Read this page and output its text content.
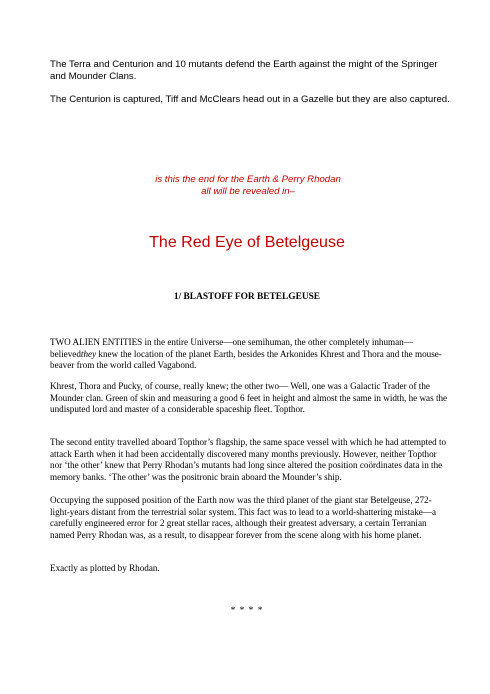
The Terra and Centurion and 10 mutants defend the Earth against the might of the Springer and Mounder Clans.

The Centurion is captured, Tiff and McClears head out in a Gazelle but they are also captured.

is this the end for the Earth & Perry Rhodan
all will be revealed in–

The Red Eye of Betelgeuse
1/ BLASTOFF FOR BETELGEUSE

TWO ALIEN ENTITIES in the entire Universe—one semihuman, the other completely inhuman—believedthey knew the location of the planet Earth, besides the Arkonides Khrest and Thora and the mouse-beaver from the world called Vagabond.

Khrest, Thora and Pucky, of course, really knew; the other two— Well, one was a Galactic Trader of the Mounder clan. Green of skin and measuring a good 6 feet in height and almost the same in width, he was the undisputed lord and master of a considerable spaceship fleet. Topthor.

The second entity travelled aboard Topthor’s flagship, the same space vessel with which he had attempted to attack Earth when it had been accidentally discovered many months previously. However, neither Topthor nor ‘the other’ knew that Perry Rhodan’s mutants had long since altered the position coördinates data in the memory banks. ‘The other’ was the positronic brain aboard the Mounder’s ship.

Occupying the supposed position of the Earth now was the third planet of the giant star Betelgeuse, 272-light-years distant from the terrestrial solar system. This fact was to lead to a world-shattering mistake—a carefully engineered error for 2 great stellar races, although their greatest adversary, a certain Terranian named Perry Rhodan was, as a result, to disappear forever from the scene along with his home planet.

Exactly as plotted by Rhodan.

* * * *
